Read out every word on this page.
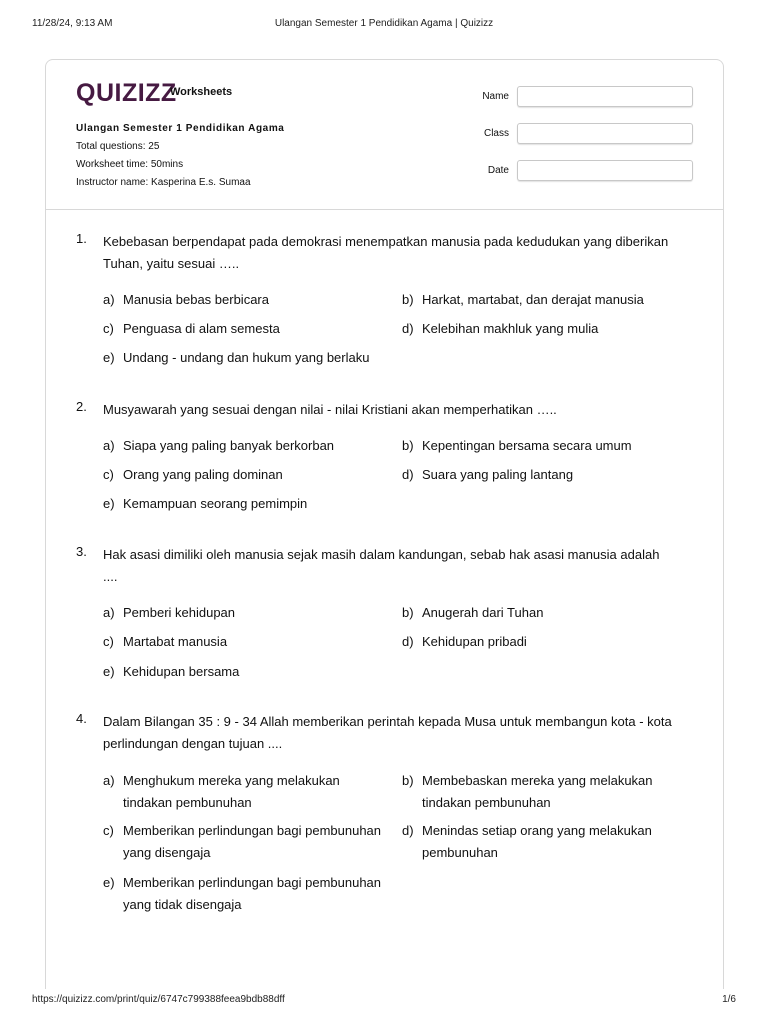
11/28/24, 9:13 AM	Ulangan Semester 1 Pendidikan Agama | Quizizz
QUIZIZZ
Worksheets
Ulangan Semester 1 Pendidikan Agama
Total questions: 25
Worksheet time: 50mins
Instructor name: Kasperina E.s. Sumaa
Name
Class
Date
1. Kebebasan berpendapat pada demokrasi menempatkan manusia pada kedudukan yang diberikan
Tuhan, yaitu sesuai …..
a) Manusia bebas berbicara	b) Harkat, martabat, dan derajat manusia
c) Penguasa di alam semesta	d) Kelebihan makhluk yang mulia
e) Undang - undang dan hukum yang berlaku
2. Musyawarah yang sesuai dengan nilai - nilai Kristiani akan memperhatikan …..
a) Siapa yang paling banyak berkorban	b) Kepentingan bersama secara umum
c) Orang yang paling dominan	d) Suara yang paling lantang
e) Kemampuan seorang pemimpin
3. Hak asasi dimiliki oleh manusia sejak masih dalam kandungan, sebab hak asasi manusia adalah
....
a) Pemberi kehidupan	b) Anugerah dari Tuhan
c) Martabat manusia	d) Kehidupan pribadi
e) Kehidupan bersama
4. Dalam Bilangan 35 : 9 - 34 Allah memberikan perintah kepada Musa untuk membangun kota - kota
perlindungan dengan tujuan ....
a) Menghukum mereka yang melakukan
tindakan pembunuhan
b) Membebaskan mereka yang melakukan
tindakan pembunuhan
c) Memberikan perlindungan bagi pembunuhan
yang disengaja
d) Menindas setiap orang yang melakukan
pembunuhan
e) Memberikan perlindungan bagi pembunuhan
yang tidak disengaja
https://quizizz.com/print/quiz/6747c799388feea9bdb88dff	1/6
